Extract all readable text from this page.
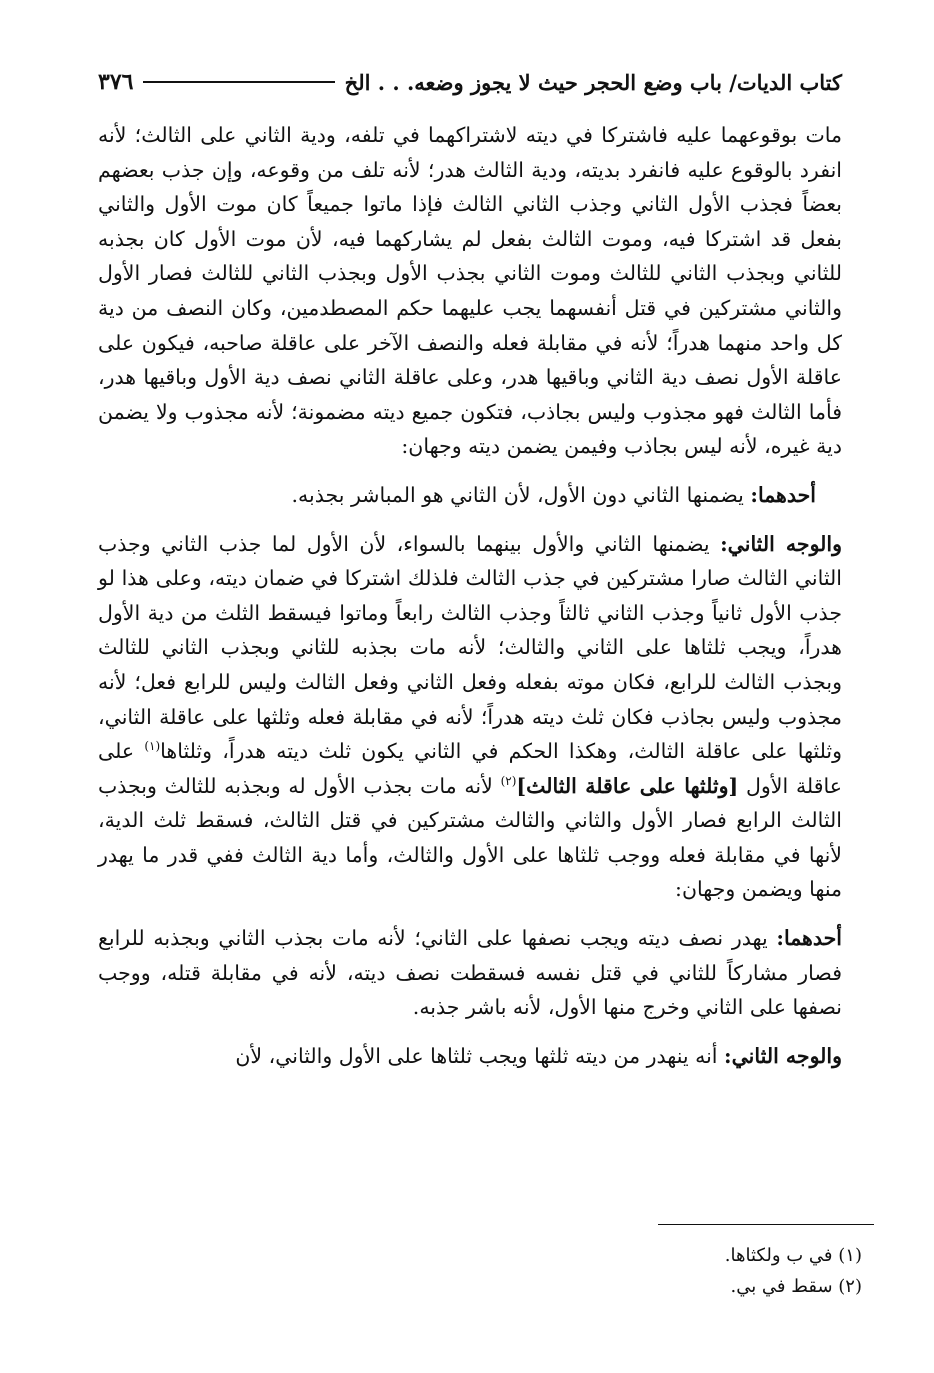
كتاب الديات/ باب وضع الحجر حيث لا يجوز وضعه. . . الخ
٣٧٦

مات بوقوعهما عليه فاشتركا في ديته لاشتراكهما في تلفه، ودية الثاني على الثالث؛ لأنه انفرد بالوقوع عليه فانفرد بديته، ودية الثالث هدر؛ لأنه تلف من وقوعه، وإن جذب بعضهم بعضاً فجذب الأول الثاني وجذب الثاني الثالث فإذا ماتوا جميعاً كان موت الأول والثاني بفعل قد اشتركا فيه، وموت الثالث بفعل لم يشاركهما فيه، لأن موت الأول كان بجذبه للثاني وبجذب الثاني للثالث وموت الثاني بجذب الأول وبجذب الثاني للثالث فصار الأول والثاني مشتركين في قتل أنفسهما يجب عليهما حكم المصطدمين، وكان النصف من دية كل واحد منهما هدراً؛ لأنه في مقابلة فعله والنصف الآخر على عاقلة صاحبه، فيكون على عاقلة الأول نصف دية الثاني وباقيها هدر، وعلى عاقلة الثاني نصف دية الأول وباقيها هدر، فأما الثالث فهو مجذوب وليس بجاذب، فتكون جميع ديته مضمونة؛ لأنه مجذوب ولا يضمن دية غيره، لأنه ليس بجاذب وفيمن يضمن ديته وجهان:

أحدهما: يضمنها الثاني دون الأول، لأن الثاني هو المباشر بجذبه.

والوجه الثاني: يضمنها الثاني والأول بينهما بالسواء، لأن الأول لما جذب الثاني وجذب الثاني الثالث صارا مشتركين في جذب الثالث فلذلك اشتركا في ضمان ديته، وعلى هذا لو جذب الأول ثانياً وجذب الثاني ثالثاً وجذب الثالث رابعاً وماتوا فيسقط الثلث من دية الأول هدراً، ويجب ثلثاها على الثاني والثالث؛ لأنه مات بجذبه للثاني وبجذب الثاني للثالث وبجذب الثالث للرابع، فكان موته بفعله وفعل الثاني وفعل الثالث وليس للرابع فعل؛ لأنه مجذوب وليس بجاذب فكان ثلث ديته هدراً؛ لأنه في مقابلة فعله وثلثها على عاقلة الثاني، وثلثها على عاقلة الثالث، وهكذا الحكم في الثاني يكون ثلث ديته هدراً، وثلثاها$^{(١)}$ على عاقلة الأول [وثلثها على عاقلة الثالث]$^{(٢)}$ لأنه مات بجذب الأول له وبجذبه للثالث وبجذب الثالث الرابع فصار الأول والثاني والثالث مشتركين في قتل الثالث، فسقط ثلث الدية، لأنها في مقابلة فعله ووجب ثلثاها على الأول والثالث، وأما دية الثالث ففي قدر ما يهدر منها ويضمن وجهان:

أحدهما: يهدر نصف ديته ويجب نصفها على الثاني؛ لأنه مات بجذب الثاني وبجذبه للرابع فصار مشاركاً للثاني في قتل نفسه فسقطت نصف ديته، لأنه في مقابلة قتله، ووجب نصفها على الثاني وخرج منها الأول، لأنه باشر جذبه.

والوجه الثاني: أنه ينهدر من ديته ثلثها ويجب ثلثاها على الأول والثاني، لأن

(١) في ب ولكثاها.
(٢) سقط في بي.
